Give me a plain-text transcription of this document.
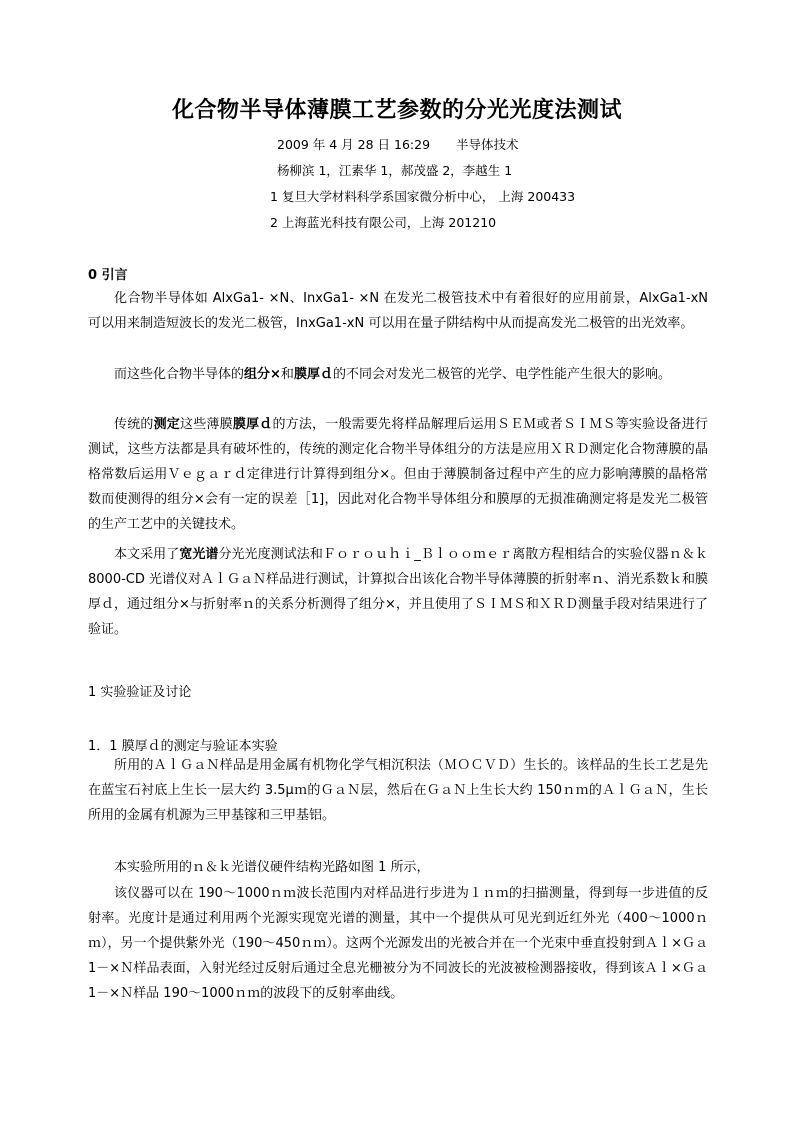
化合物半导体薄膜工艺参数的分光光度法测试
2009 年 4 月 28 日 16:29 半导体技术
杨柳滨 1，江素华 1，郝茂盛 2，李越生 1
1 复旦大学材料科学系国家微分析中心， 上海 200433
2 上海蓝光科技有限公司，上海 201210
0 引言

化合物半导体如 AlxGa1- ×N、InxGa1- ×N 在发光二极管技术中有着很好的应用前景，AlxGa1-xN 可以用来制造短波长的发光二极管，InxGa1-xN 可以用在量子阱结构中从而提高发光二极管的出光效率。

而这些化合物半导体的组分×和膜厚ｄ的不同会对发光二极管的光学、电学性能产生很大的影响。

传统的测定这些薄膜膜厚ｄ的方法，一般需要先将样品解理后运用ＳＥＭ或者ＳＩＭＳ等实验设备进行测试，这些方法都是具有破坏性的，传统的测定化合物半导体组分的方法是应用ＸＲＤ测定化合物薄膜的晶格常数后运用Ｖｅｇａｒｄ定律进行计算得到组分×。但由于薄膜制备过程中产生的应力影响薄膜的晶格常数而使测得的组分×会有一定的误差［1]，因此对化合物半导体组分和膜厚的无损准确测定将是发光二极管的生产工艺中的关键技术。

本文采用了宽光谱分光光度测试法和Ｆｏｒｏｕｈｉ_Ｂｌｏｏｍｅｒ离散方程相结合的实验仪器ｎ＆ｋ8000-CD 光谱仪对ＡｌＧａＮ样品进行测试，计算拟合出该化合物半导体薄膜的折射率ｎ、消光系数ｋ和膜厚ｄ，通过组分×与折射率ｎ的关系分析测得了组分×，并且使用了ＳＩＭＳ和ＸＲＤ测量手段对结果进行了验证。

1 实验验证及讨论
1．1 膜厚ｄ的测定与验证本实验

所用的ＡｌＧａＮ样品是用金属有机物化学气相沉积法（ＭＯＣＶＤ）生长的。该样品的生长工艺是先在蓝宝石衬底上生长一层大约 3.5μｍ的ＧａＮ层，然后在ＧａＮ上生长大约 150ｎｍ的ＡｌＧａＮ，生长所用的金属有机源为三甲基镓和三甲基铝。

本实验所用的ｎ＆ｋ光谱仪硬件结构光路如图 1 所示，

该仪器可以在 190～1000ｎｍ波长范围内对样品进行步进为１ｎｍ的扫描测量，得到每一步进值的反射率。光度计是通过利用两个光源实现宽光谱的测量，其中一个提供从可见光到近红外光（400～1000ｎｍ），另一个提供紫外光（190～450ｎｍ）。这两个光源发出的光被合并在一个光束中垂直投射到Ａｌ×Ｇａ1－×Ｎ样品表面，入射光经过反射后通过全息光栅被分为不同波长的光波被检测器接收，得到该Ａｌ×Ｇａ1－×Ｎ样品 190～1000ｎｍ的波段下的反射率曲线。
